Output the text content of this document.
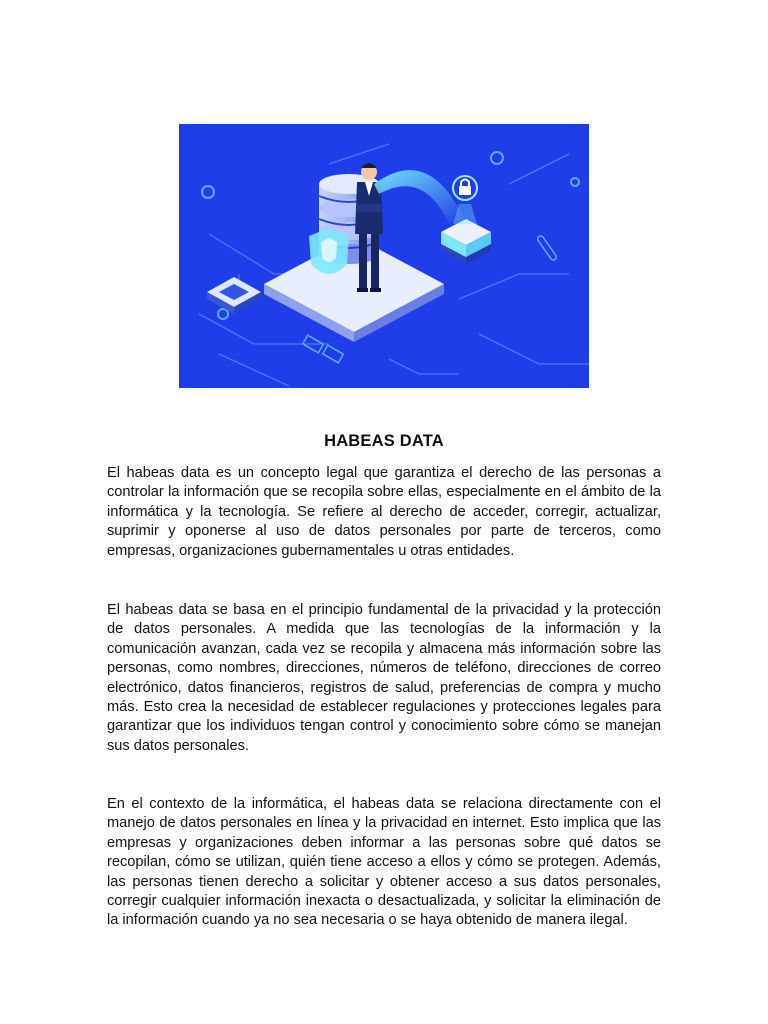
HABEAS DATA

El habeas data es un concepto legal que garantiza el derecho de las personas a controlar la información que se recopila sobre ellas, especialmente en el ámbito de la informática y la tecnología. Se refiere al derecho de acceder, corregir, actualizar, suprimir y oponerse al uso de datos personales por parte de terceros, como empresas, organizaciones gubernamentales u otras entidades.

El habeas data se basa en el principio fundamental de la privacidad y la protección de datos personales. A medida que las tecnologías de la información y la comunicación avanzan, cada vez se recopila y almacena más información sobre las personas, como nombres, direcciones, números de teléfono, direcciones de correo electrónico, datos financieros, registros de salud, preferencias de compra y mucho más. Esto crea la necesidad de establecer regulaciones y protecciones legales para garantizar que los individuos tengan control y conocimiento sobre cómo se manejan sus datos personales.

En el contexto de la informática, el habeas data se relaciona directamente con el manejo de datos personales en línea y la privacidad en internet. Esto implica que las empresas y organizaciones deben informar a las personas sobre qué datos se recopilan, cómo se utilizan, quién tiene acceso a ellos y cómo se protegen. Además, las personas tienen derecho a solicitar y obtener acceso a sus datos personales, corregir cualquier información inexacta o desactualizada, y solicitar la eliminación de la información cuando ya no sea necesaria o se haya obtenido de manera ilegal.
